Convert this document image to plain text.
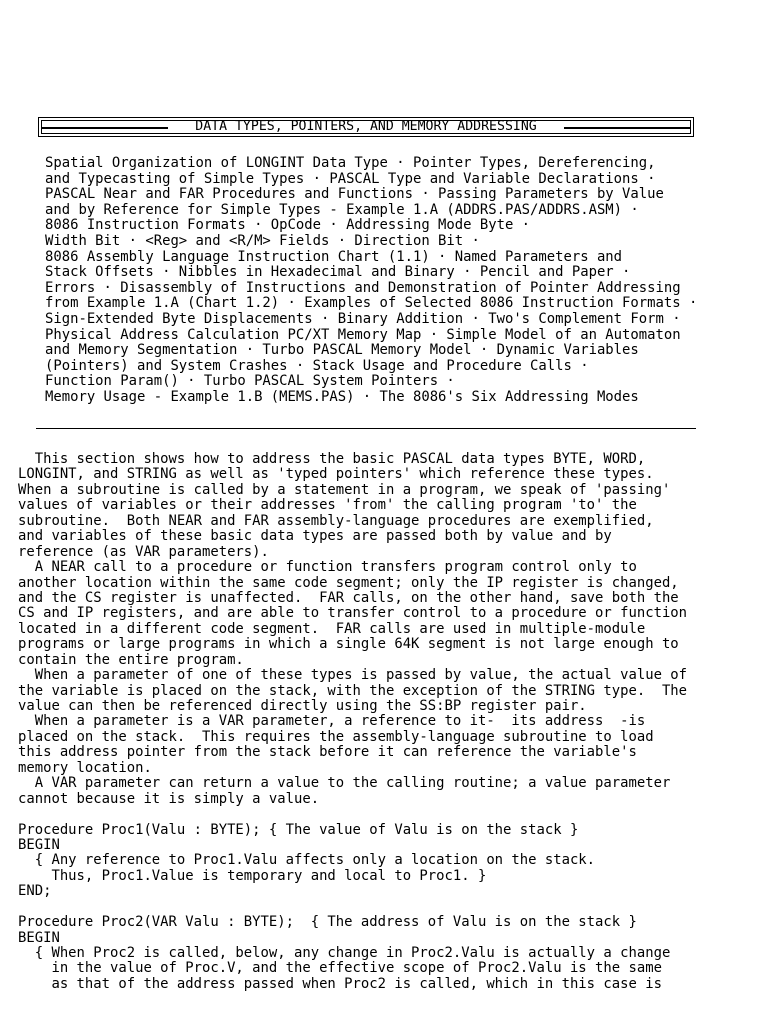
DATA TYPES, POINTERS, AND MEMORY ADDRESSING
Spatial Organization of LONGINT Data Type · Pointer Types, Dereferencing,
and Typecasting of Simple Types · PASCAL Type and Variable Declarations ·
PASCAL Near and FAR Procedures and Functions · Passing Parameters by Value
and by Reference for Simple Types - Example 1.A (ADDRS.PAS/ADDRS.ASM) ·
8086 Instruction Formats · OpCode · Addressing Mode Byte ·
Width Bit · <Reg> and <R/M> Fields · Direction Bit ·
8086 Assembly Language Instruction Chart (1.1) · Named Parameters and
Stack Offsets · Nibbles in Hexadecimal and Binary · Pencil and Paper ·
Errors · Disassembly of Instructions and Demonstration of Pointer Addressing
from Example 1.A (Chart 1.2) · Examples of Selected 8086 Instruction Formats ·
Sign-Extended Byte Displacements · Binary Addition · Two's Complement Form ·
Physical Address Calculation PC/XT Memory Map · Simple Model of an Automaton
and Memory Segmentation · Turbo PASCAL Memory Model · Dynamic Variables
(Pointers) and System Crashes · Stack Usage and Procedure Calls ·
Function Param() · Turbo PASCAL System Pointers ·
Memory Usage - Example 1.B (MEMS.PAS) · The 8086's Six Addressing Modes
This section shows how to address the basic PASCAL data types BYTE, WORD,
LONGINT, and STRING as well as 'typed pointers' which reference these types.
When a subroutine is called by a statement in a program, we speak of 'passing'
values of variables or their addresses 'from' the calling program 'to' the
subroutine.  Both NEAR and FAR assembly-language procedures are exemplified,
and variables of these basic data types are passed both by value and by
reference (as VAR parameters).
A NEAR call to a procedure or function transfers program control only to
another location within the same code segment; only the IP register is changed,
and the CS register is unaffected.  FAR calls, on the other hand, save both the
CS and IP registers, and are able to transfer control to a procedure or function
located in a different code segment.  FAR calls are used in multiple-module
programs or large programs in which a single 64K segment is not large enough to
contain the entire program.
When a parameter of one of these types is passed by value, the actual value of
the variable is placed on the stack, with the exception of the STRING type.  The
value can then be referenced directly using the SS:BP register pair.
When a parameter is a VAR parameter, a reference to it-  its address  -is
placed on the stack.  This requires the assembly-language subroutine to load
this address pointer from the stack before it can reference the variable's
memory location.
A VAR parameter can return a value to the calling routine; a value parameter
cannot because it is simply a value.
Procedure Proc1(Valu : BYTE); { The value of Valu is on the stack }
BEGIN
{ Any reference to Proc1.Valu affects only a location on the stack.
Thus, Proc1.Value is temporary and local to Proc1. }
END;
Procedure Proc2(VAR Valu : BYTE);  { The address of Valu is on the stack }
BEGIN
{ When Proc2 is called, below, any change in Proc2.Valu is actually a change
in the value of Proc.V, and the effective scope of Proc2.Valu is the same
as that of the address passed when Proc2 is called, which in this case is
